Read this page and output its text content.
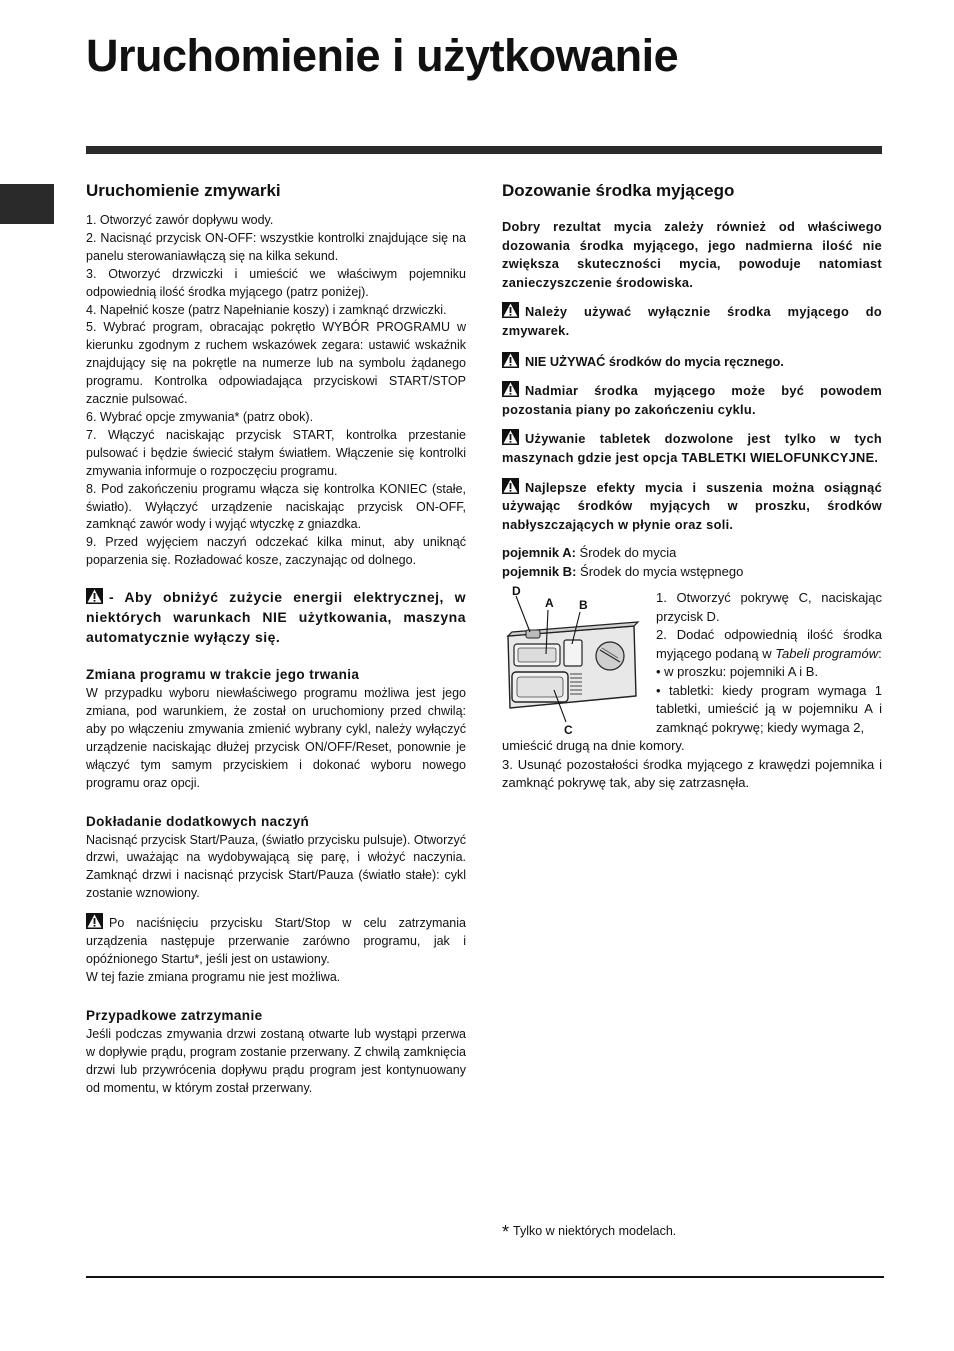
Uruchomienie i użytkowanie
Uruchomienie zmywarki

1. Otworzyć zawór dopływu wody.

2. Nacisnąć przycisk ON-OFF: wszystkie kontrolki znajdujące się na panelu sterowaniawłączą się na kilka sekund.

3. Otworzyć drzwiczki i umieścić we właściwym pojemniku odpowiednią ilość środka myjącego (patrz poniżej).

4. Napełnić kosze (patrz Napełnianie koszy) i zamknąć drzwiczki.

5. Wybrać program, obracając pokrętło WYBÓR PROGRAMU w kierunku zgodnym z ruchem wskazówek zegara: ustawić wskaźnik znajdujący się na pokrętle na numerze lub na symbolu żądanego programu. Kontrolka odpowiadająca przyciskowi START/STOP zacznie pulsować.

6. Wybrać opcje zmywania* (patrz obok).

7. Włączyć naciskając przycisk START, kontrolka przestanie pulsować i będzie świecić stałym światłem. Włączenie się kontrolki zmywania informuje o rozpoczęciu programu.

8. Pod zakończeniu programu włącza się kontrolka KONIEC (stałe, światło). Wyłączyć urządzenie naciskając przycisk ON-OFF, zamknąć zawór wody i wyjąć wtyczkę z gniazdka.

9. Przed wyjęciem naczyń odczekać kilka minut, aby uniknąć poparzenia się. Rozładować kosze, zaczynając od dolnego.

- Aby obniżyć zużycie energii elektrycznej, w niektórych warunkach NIE użytkowania, maszyna automatycznie wyłączy się.

Zmiana programu w trakcie jego trwania

W przypadku wyboru niewłaściwego programu możliwa jest jego zmiana, pod warunkiem, że został on uruchomiony przed chwilą: aby po włączeniu zmywania zmienić wybrany cykl, należy wyłączyć urządzenie naciskając dłużej przycisk ON/OFF/Reset, ponownie je włączyć tym samym przyciskiem i dokonać wyboru nowego programu oraz opcji.

Dokładanie dodatkowych naczyń

Nacisnąć przycisk Start/Pauza, (światło przycisku pulsuje). Otworzyć drzwi, uważając na wydobywającą się parę, i włożyć naczynia. Zamknąć drzwi i nacisnąć przycisk Start/Pauza (światło stałe): cykl zostanie wznowiony.

Po naciśnięciu przycisku Start/Stop w celu zatrzymania urządzenia następuje przerwanie zarówno programu, jak i opóźnionego Startu*, jeśli jest on ustawiony.

W tej fazie zmiana programu nie jest możliwa.

Przypadkowe zatrzymanie

Jeśli podczas zmywania drzwi zostaną otwarte lub wystąpi przerwa w dopływie prądu, program zostanie przerwany. Z chwilą zamknięcia drzwi lub przywrócenia dopływu prądu program jest kontynuowany od momentu, w którym został przerwany.

Dozowanie środka myjącego

Dobry rezultat mycia zależy również od właściwego dozowania środka myjącego, jego nadmierna ilość nie zwiększa skuteczności mycia, powoduje natomiast zanieczyszczenie środowiska.

Należy używać wyłącznie środka myjącego do zmywarek.

NIE UŻYWAĆ środków do mycia ręcznego.

Nadmiar środka myjącego może być powodem pozostania piany po zakończeniu cyklu.

Używanie tabletek dozwolone jest tylko w tych maszynach gdzie jest opcja TABLETKI WIELOFUNKCYJNE.

Najlepsze efekty mycia i suszenia można osiągnąć używając środków myjących w proszku, środków nabłyszczających w płynie oraz soli.

pojemnik A: Środek do mycia

pojemnik B: Środek do mycia wstępnego

1. Otworzyć pokrywę C, naciskając przycisk D.

2. Dodać odpowiednią ilość środka myjącego podaną w Tabeli programów:

• w proszku: pojemniki A i B.

• tabletki: kiedy program wymaga 1 tabletki, umieścić ją w pojemniku A i zamknąć pokrywę; kiedy wymaga 2,

umieścić drugą na dnie komory.

3. Usunąć pozostałości środka myjącego z krawędzi pojemnika i zamknąć pokrywę tak, aby się zatrzasnęła.

D
A B
C
* Tylko w niektórych modelach.
